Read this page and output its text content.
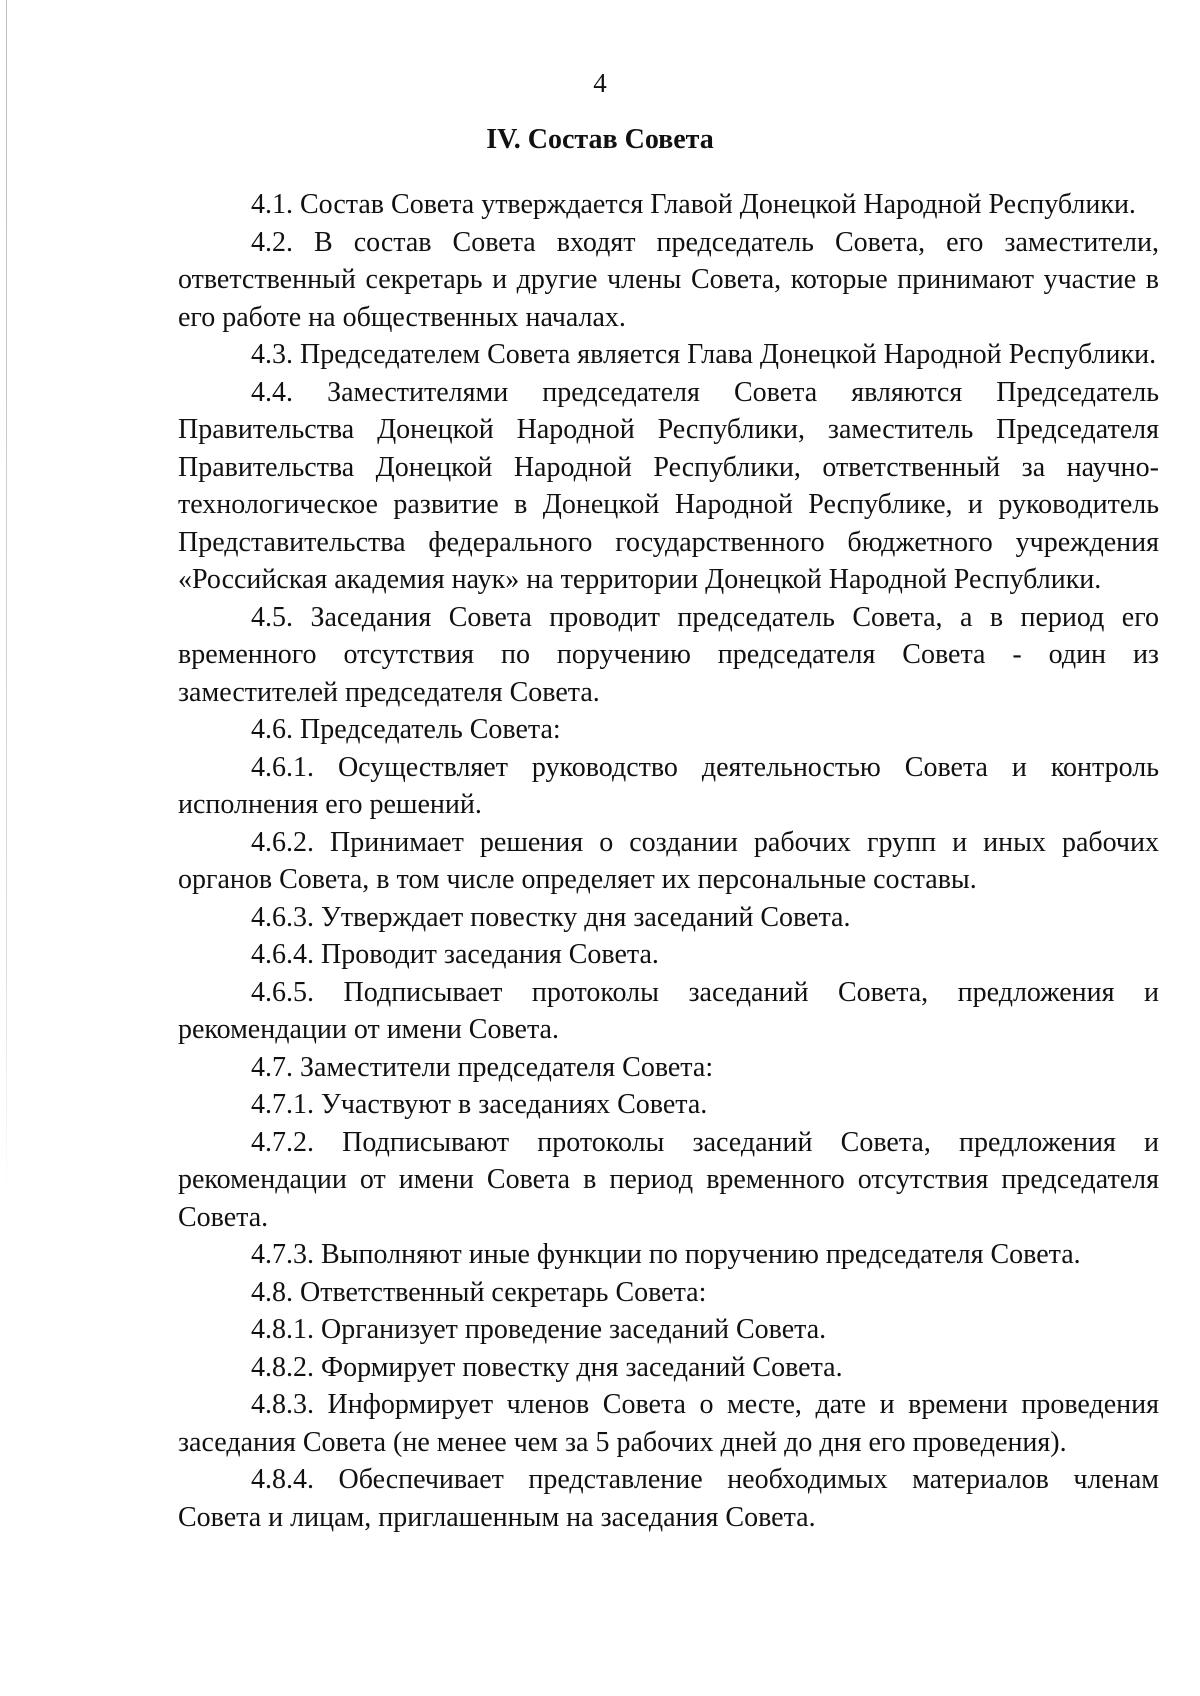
4
IV. Состав Совета

4.1. Состав Совета утверждается Главой Донецкой Народной Республики.

4.2. В состав Совета входят председатель Совета, его заместители, ответственный секретарь и другие члены Совета, которые принимают участие в его работе на общественных началах.

4.3. Председателем Совета является Глава Донецкой Народной Республики.

4.4. Заместителями председателя Совета являются Председатель Правительства Донецкой Народной Республики, заместитель Председателя Правительства Донецкой Народной Республики, ответственный за научно-технологическое развитие в Донецкой Народной Республике, и руководитель Представительства федерального государственного бюджетного учреждения «Российская академия наук» на территории Донецкой Народной Республики.

4.5. Заседания Совета проводит председатель Совета, а в период его временного отсутствия по поручению председателя Совета - один из заместителей председателя Совета.

4.6. Председатель Совета:

4.6.1. Осуществляет руководство деятельностью Совета и контроль исполнения его решений.

4.6.2. Принимает решения о создании рабочих групп и иных рабочих органов Совета, в том числе определяет их персональные составы.

4.6.3. Утверждает повестку дня заседаний Совета.

4.6.4. Проводит заседания Совета.

4.6.5. Подписывает протоколы заседаний Совета, предложения и рекомендации от имени Совета.

4.7. Заместители председателя Совета:

4.7.1. Участвуют в заседаниях Совета.

4.7.2. Подписывают протоколы заседаний Совета, предложения и рекомендации от имени Совета в период временного отсутствия председателя Совета.

4.7.3. Выполняют иные функции по поручению председателя Совета.

4.8. Ответственный секретарь Совета:

4.8.1. Организует проведение заседаний Совета.

4.8.2. Формирует повестку дня заседаний Совета.

4.8.3. Информирует членов Совета о месте, дате и времени проведения заседания Совета (не менее чем за 5 рабочих дней до дня его проведения).

4.8.4. Обеспечивает представление необходимых материалов членам Совета и лицам, приглашенным на заседания Совета.
